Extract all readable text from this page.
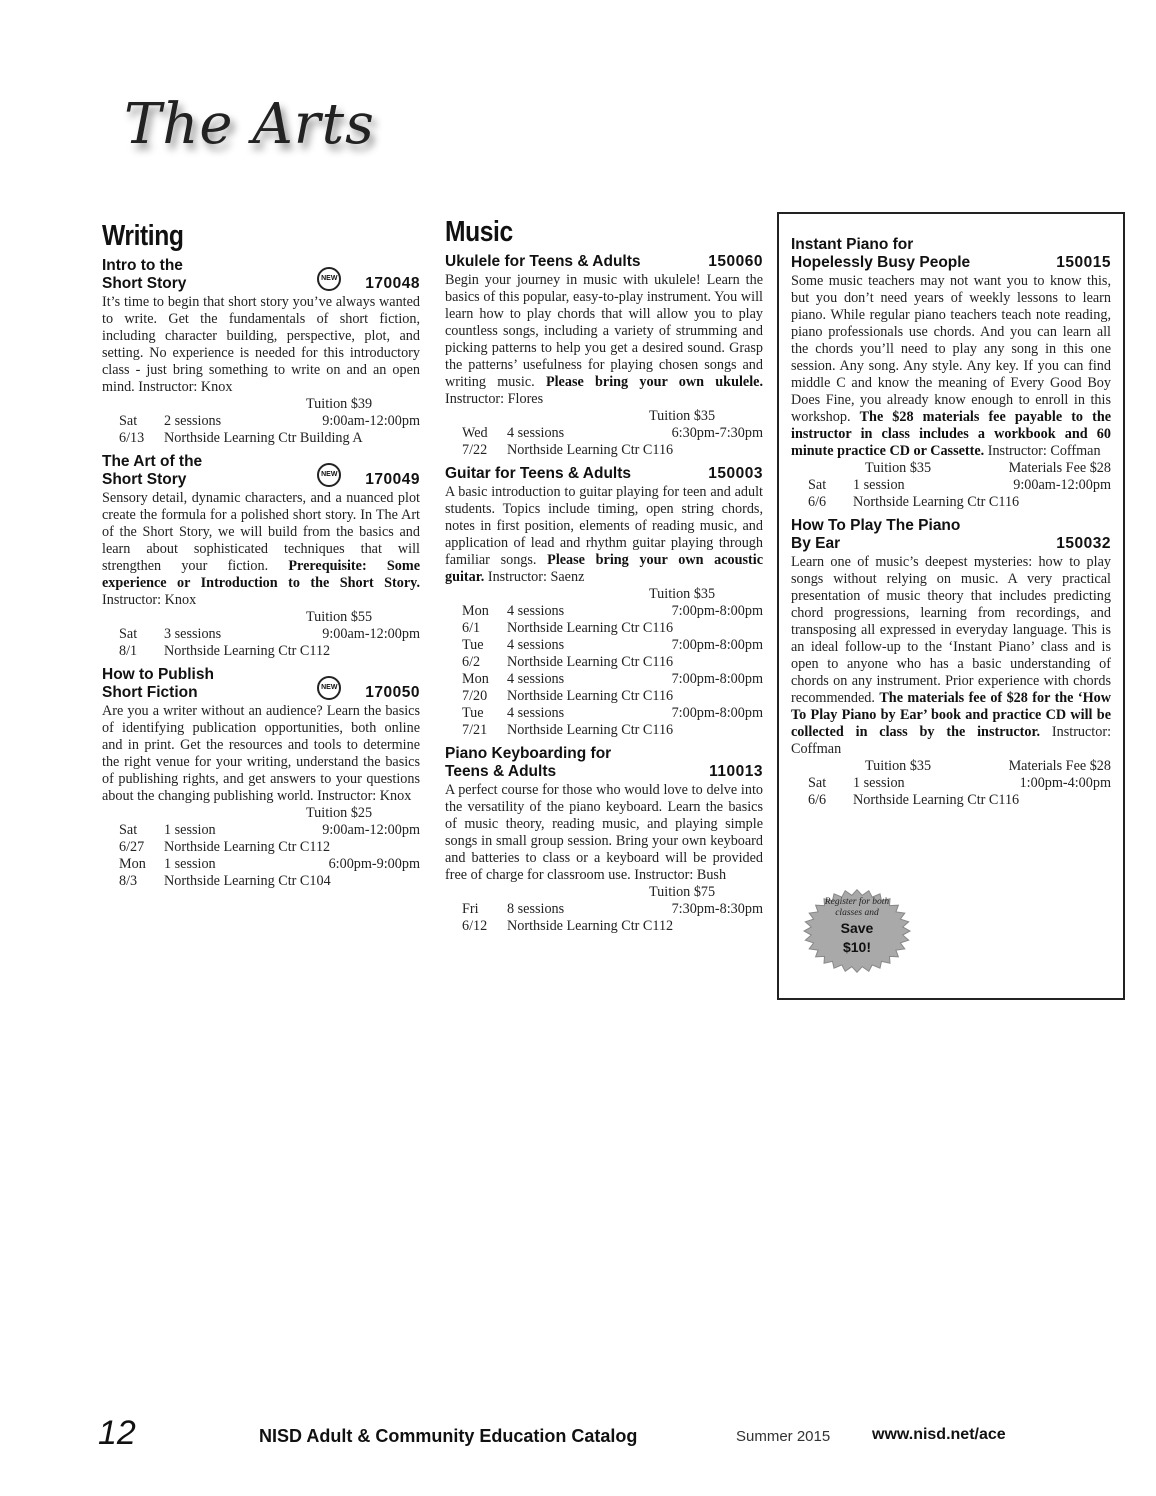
The Arts
Writing
Intro to the
Short Story	NEW 170048

It’s time to begin that short story you’ve always wanted to write. Get the fundamentals of short fiction, including character building, perspective, plot, and setting. No experience is needed for this introductory class - just bring something to write on and an open mind. Instructor: Knox

Tuition $39
Sat	2 sessions	9:00am-12:00pm
6/13	Northside Learning Ctr Building A
The Art of the
Short Story	NEW 170049

Sensory detail, dynamic characters, and a nuanced plot create the formula for a polished short story. In The Art of the Short Story, we will build from the basics and learn about sophisticated techniques that will strengthen your fiction. Prerequisite: Some experience or Introduction to the Short Story. Instructor: Knox

Tuition $55
Sat	3 sessions	9:00am-12:00pm
8/1	Northside Learning Ctr C112
How to Publish
Short Fiction	NEW 170050

Are you a writer without an audience? Learn the basics of identifying publication opportunities, both online and in print. Get the resources and tools to determine the right venue for your writing, understand the basics of publishing rights, and get answers to your questions about the changing publishing world. Instructor: Knox

Tuition $25
Sat	1 session	9:00am-12:00pm
6/27	Northside Learning Ctr C112
Mon	1 session	6:00pm-9:00pm
8/3	Northside Learning Ctr C104
Music
Ukulele for Teens & Adults	150060

Begin your journey in music with ukulele! Learn the basics of this popular, easy-to-play instrument. You will learn how to play chords that will allow you to play countless songs, including a variety of strumming and picking patterns to help you get a desired sound. Grasp the patterns’ usefulness for playing chosen songs and writing music. Please bring your own ukulele. Instructor: Flores

Tuition $35
Wed	4 sessions	6:30pm-7:30pm
7/22	Northside Learning Ctr C116
Guitar for Teens & Adults	150003

A basic introduction to guitar playing for teen and adult students. Topics include timing, open string chords, notes in first position, elements of reading music, and application of lead and rhythm guitar playing through familiar songs. Please bring your own acoustic guitar. Instructor: Saenz

Tuition $35
Mon	4 sessions	7:00pm-8:00pm
6/1	Northside Learning Ctr C116
Tue	4 sessions	7:00pm-8:00pm
6/2	Northside Learning Ctr C116
Mon	4 sessions	7:00pm-8:00pm
7/20	Northside Learning Ctr C116
Tue	4 sessions	7:00pm-8:00pm
7/21	Northside Learning Ctr C116
Piano Keyboarding for
Teens & Adults	110013

A perfect course for those who would love to delve into the versatility of the piano keyboard. Learn the basics of music theory, reading music, and playing simple songs in small group session. Bring your own keyboard and batteries to class or a keyboard will be provided free of charge for classroom use. Instructor: Bush

Tuition $75
Fri	8 sessions	7:30pm-8:30pm
6/12	Northside Learning Ctr C112
Instant Piano for
Hopelessly Busy People	150015

Some music teachers may not want you to know this, but you don’t need years of weekly lessons to learn piano. While regular piano teachers teach note reading, piano professionals use chords. And you can learn all the chords you’ll need to play any song in this one session. Any song. Any style. Any key. If you can find middle C and know the meaning of Every Good Boy Does Fine, you already know enough to enroll in this workshop. The $28 materials fee payable to the instructor in class includes a workbook and 60 minute practice CD or Cassette. Instructor: Coffman

Tuition $35	Materials Fee $28
Sat	1 session	9:00am-12:00pm
6/6	Northside Learning Ctr C116
How To Play The Piano
By Ear	150032

Learn one of music’s deepest mysteries: how to play songs without relying on music. A very practical presentation of music theory that includes predicting chord progressions, learning from recordings, and transposing all expressed in everyday language. This is an ideal follow-up to the ‘Instant Piano’ class and is open to anyone who has a basic understanding of chords on any instrument. Prior experience with chords recommended. The materials fee of $28 for the ‘How To Play Piano by Ear’ book and practice CD will be collected in class by the instructor. Instructor: Coffman

Tuition $35	Materials Fee $28
Sat	1 session	1:00pm-4:00pm
6/6	Northside Learning Ctr C116
Register for both
classes and
Save
$10!
12	NISD Adult & Community Education Catalog	Summer 2015	www.nisd.net/ace
